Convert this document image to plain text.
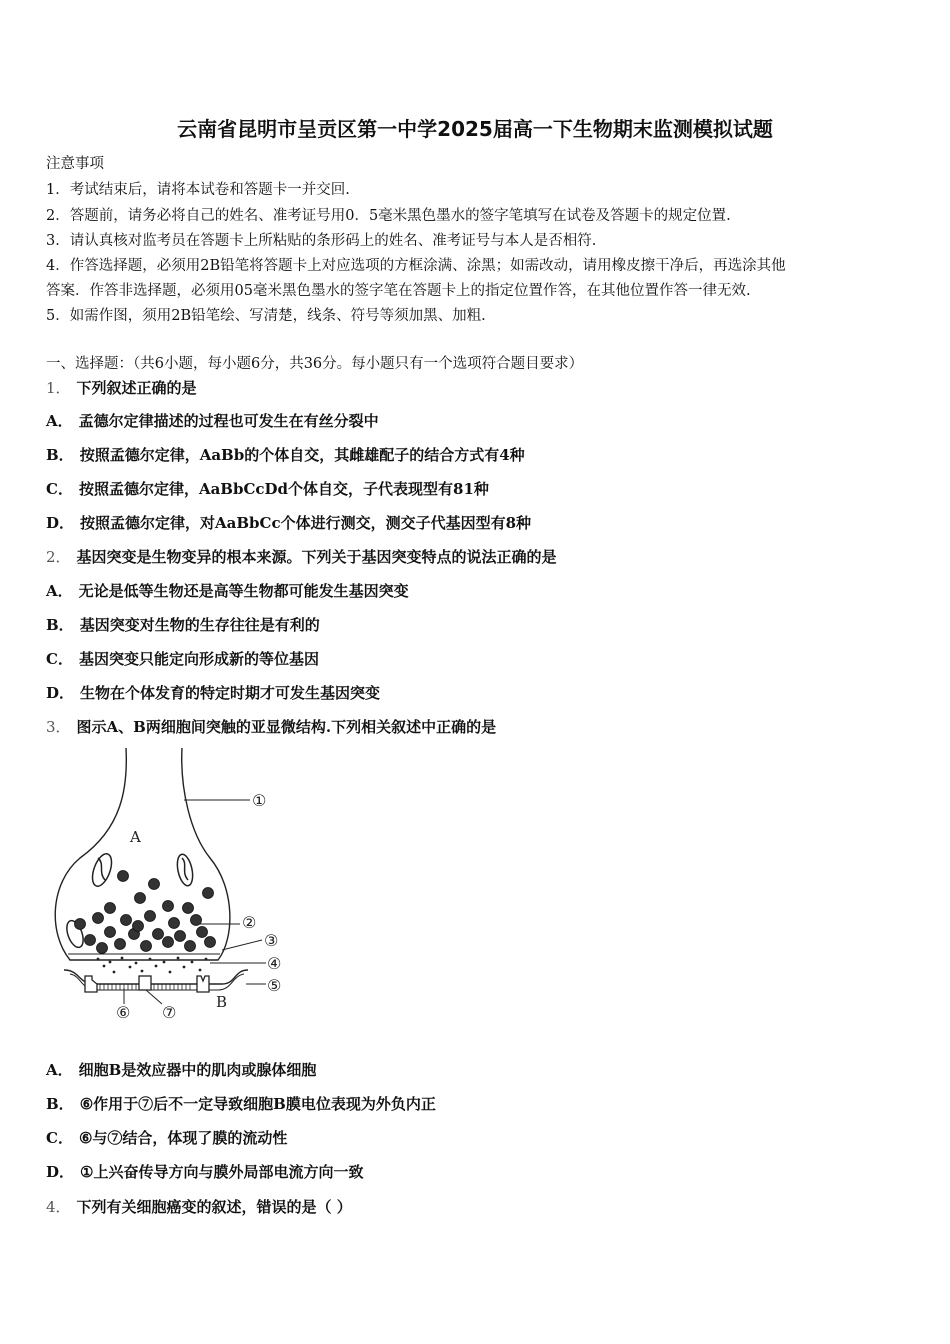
云南省昆明市呈贡区第一中学2025届高一下生物期末监测模拟试题
注意事项
1．考试结束后，请将本试卷和答题卡一并交回.
2．答题前，请务必将自己的姓名、准考证号用0．5毫米黑色墨水的签字笔填写在试卷及答题卡的规定位置.
3．请认真核对监考员在答题卡上所粘贴的条形码上的姓名、准考证号与本人是否相符.
4．作答选择题，必须用2B铅笔将答题卡上对应选项的方框涂满、涂黑；如需改动，请用橡皮擦干净后，再选涂其他
答案．作答非选择题，必须用05毫米黑色墨水的签字笔在答题卡上的指定位置作答，在其他位置作答一律无效.
5．如需作图，须用2B铅笔绘、写清楚，线条、符号等须加黑、加粗.
一、选择题：（共6小题，每小题6分，共36分。每小题只有一个选项符合题目要求）
1． 下列叙述正确的是
A． 孟德尔定律描述的过程也可发生在有丝分裂中
B． 按照孟德尔定律，AaBb的个体自交，其雌雄配子的结合方式有4种
C． 按照孟德尔定律，AaBbCcDd个体自交，子代表现型有81种
D． 按照孟德尔定律，对AaBbCc个体进行测交，测交子代基因型有8种
2． 基因突变是生物变异的根本来源。下列关于基因突变特点的说法正确的是
A． 无论是低等生物还是高等生物都可能发生基因突变
B． 基因突变对生物的生存往往是有利的
C． 基因突变只能定向形成新的等位基因
D． 生物在个体发育的特定时期才可发生基因突变
3． 图示A、B两细胞间突触的亚显微结构.下列相关叙述中正确的是
①
②
③
④
⑤
⑥ ⑦
A
B
A． 细胞B是效应器中的肌肉或腺体细胞
B． ⑥作用于⑦后不一定导致细胞B膜电位表现为外负内正
C． ⑥与⑦结合，体现了膜的流动性
D． ①上兴奋传导方向与膜外局部电流方向一致
4． 下列有关细胞癌变的叙述，错误的是（ ）
